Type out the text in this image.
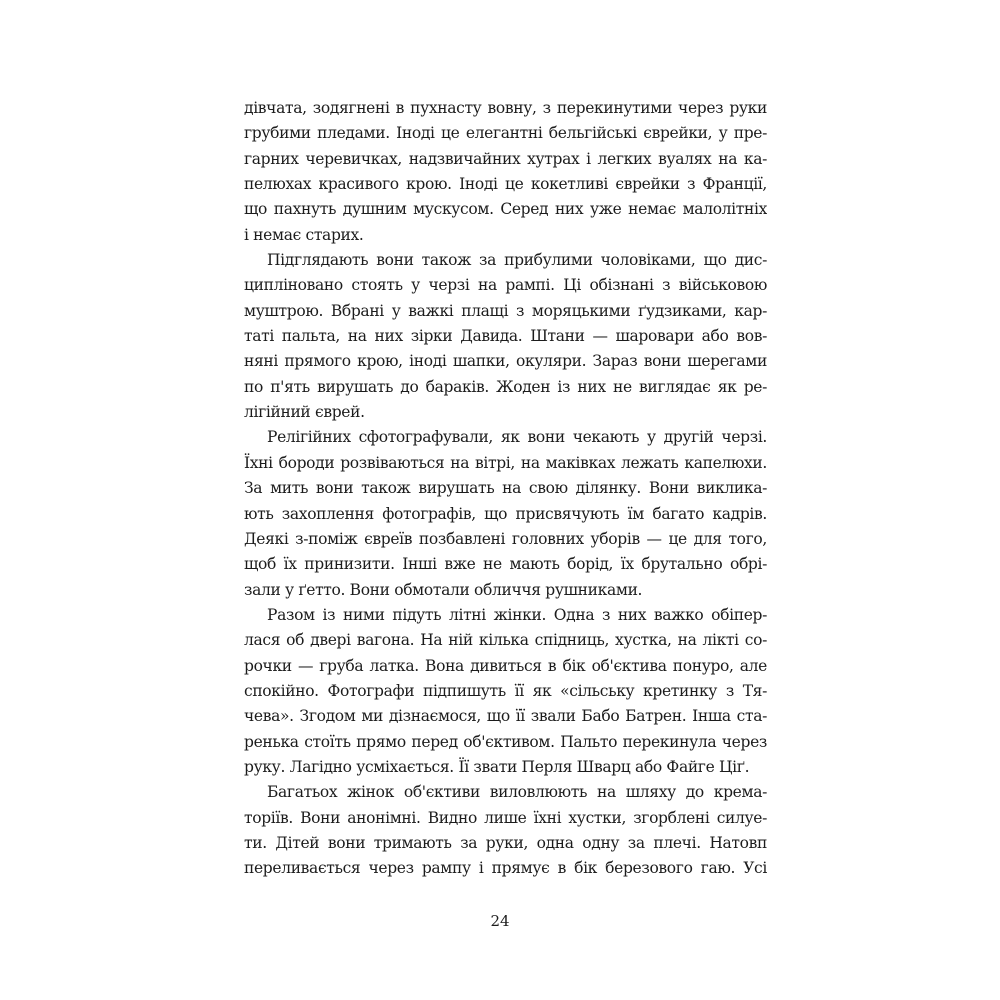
дівчата, зодягнені в пухнасту вовну, з перекинутими через руки
грубими пледами. Іноді це елегантні бельгійські єврейки, у пре-
гарних черевичках, надзвичайних хутрах і легких вуалях на ка-
пелюхах красивого крою. Іноді це кокетливі єврейки з Франції,
що пахнуть душним мускусом. Серед них уже немає малолітніх
і немає старих.
Підглядають вони також за прибулими чоловіками, що дис-
ципліновано стоять у черзі на рампі. Ці обізнані з військовою
муштрою. Вбрані у важкі плащі з моряцькими ґудзиками, кар-
таті пальта, на них зірки Давида. Штани — шаровари або вов-
няні прямого крою, іноді шапки, окуляри. Зараз вони шерегами
по п'ять вирушать до бараків. Жоден із них не виглядає як ре-
лігійний єврей.
Релігійних сфотографували, як вони чекають у другій черзі.
Їхні бороди розвіваються на вітрі, на маківках лежать капелюхи.
За мить вони також вирушать на свою ділянку. Вони виклика-
ють захоплення фотографів, що присвячують їм багато кадрів.
Деякі з-поміж євреїв позбавлені головних уборів — це для того,
щоб їх принизити. Інші вже не мають борід, їх брутально обрі-
зали у ґетто. Вони обмотали обличчя рушниками.
Разом із ними підуть літні жінки. Одна з них важко обіпер-
лася об двері вагона. На ній кілька спідниць, хустка, на лікті со-
рочки — груба латка. Вона дивиться в бік об'єктива понуро, але
спокійно. Фотографи підпишуть її як «сільську кретинку з Тя-
чева». Згодом ми дізнаємося, що її звали Бабо Батрен. Інша ста-
ренька стоїть прямо перед об'єктивом. Пальто перекинула через
руку. Лагідно усміхається. Її звати Перля Шварц або Файге Ціґ.
Багатьох жінок об'єктиви виловлюють на шляху до крема-
торіїв. Вони анонімні. Видно лише їхні хустки, згорблені силуе-
ти. Дітей вони тримають за руки, одна одну за плечі. Натовп
переливається через рампу і прямує в бік березового гаю. Усі
24
